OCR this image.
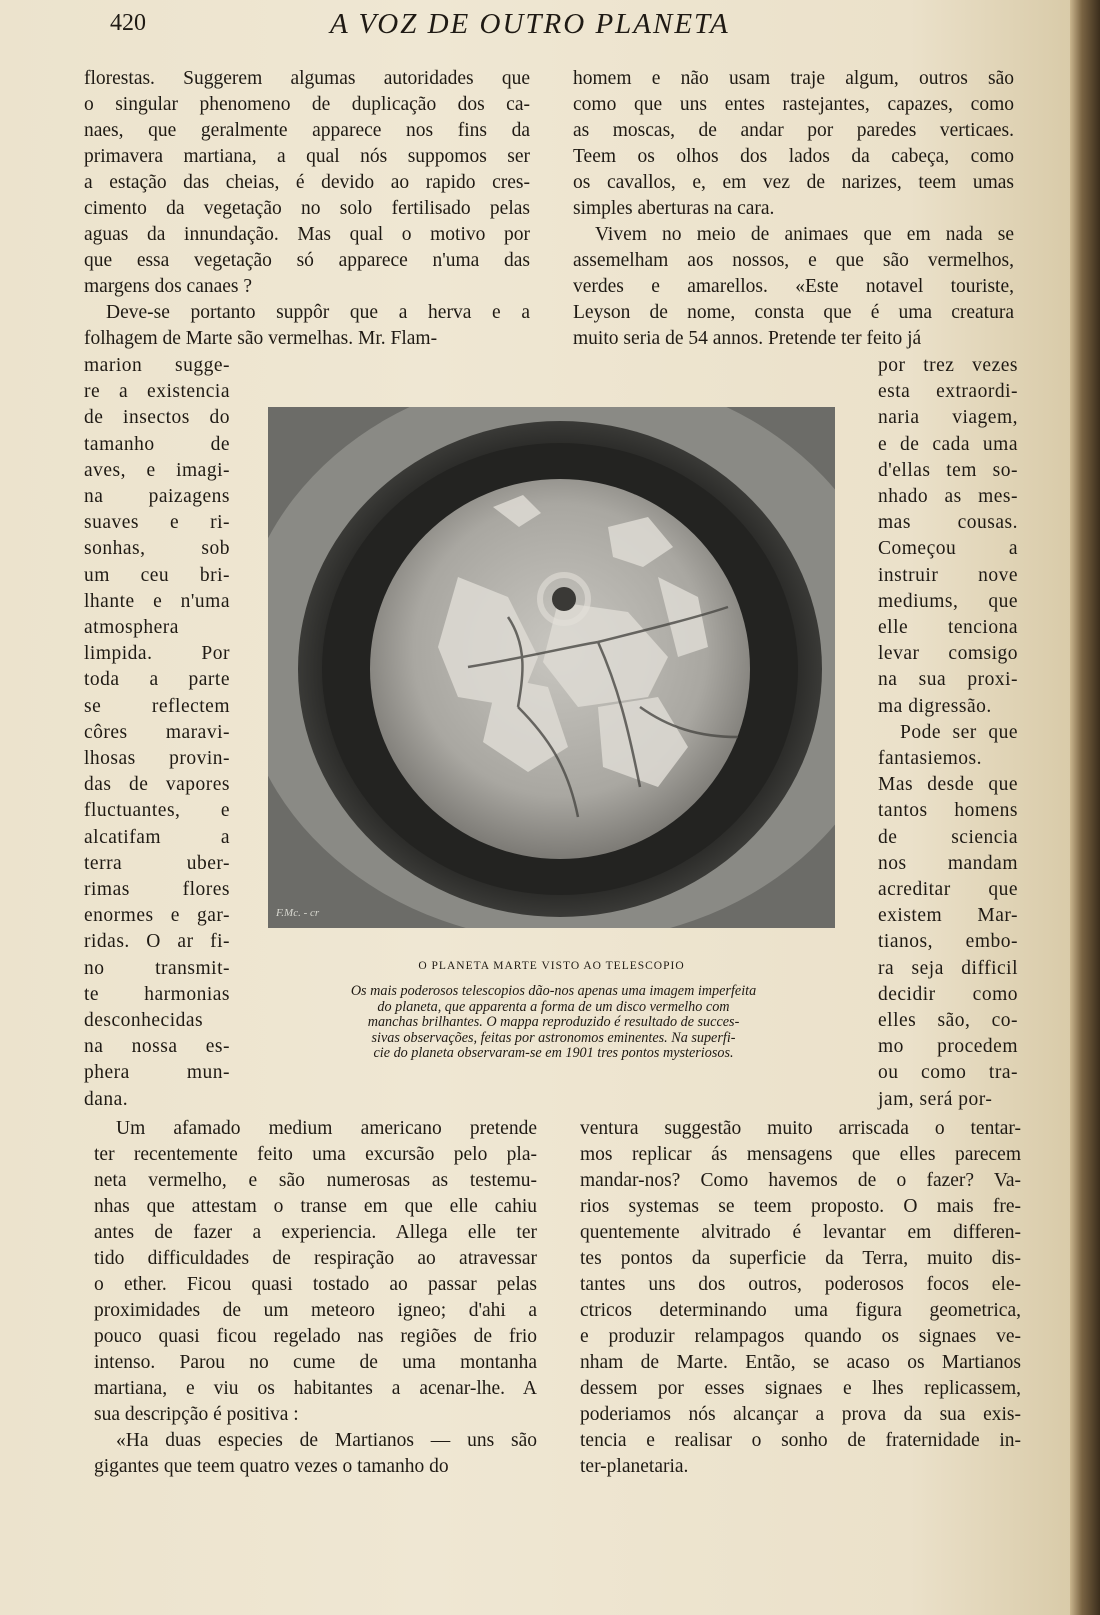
420	A VOZ DE OUTRO PLANETA

florestas. Suggerem algumas autoridades que

o singular phenomeno de duplicação dos ca-

naes, que geralmente apparece nos fins da

primavera martiana, a qual nós suppomos ser

a estação das cheias, é devido ao rapido cres-

cimento da vegetação no solo fertilisado pelas

aguas da innundação. Mas qual o motivo por

que essa vegetação só apparece n'uma das

margens dos canaes ?

Deve-se portanto suppôr que a herva e a

folhagem de Marte são vermelhas. Mr. Flam-

marion sugge-

re a existencia

de insectos do

tamanho de

aves, e imagi-

na paizagens

suaves e ri-

sonhas, sob

um ceu bri-

lhante e n'uma

atmosphera

limpida. Por

toda a parte

se reflectem

côres maravi-

lhosas provin-

das de vapores

fluctuantes, e

alcatifam a

terra uber-

rimas flores

enormes e gar-

ridas. O ar fi-

no transmit-

te harmonias

desconhecidas

na nossa es-

phera mun-

dana.

Um afamado medium americano pretende

ter recentemente feito uma excursão pelo pla-

neta vermelho, e são numerosas as testemu-

nhas que attestam o transe em que elle cahiu

antes de fazer a experiencia. Allega elle ter

tido difficuldades de respiração ao atravessar

o ether. Ficou quasi tostado ao passar pelas

proximidades de um meteoro igneo; d'ahi a

pouco quasi ficou regelado nas regiões de frio

intenso. Parou no cume de uma montanha

martiana, e viu os habitantes a acenar-lhe. A

sua descripção é positiva :

«Ha duas especies de Martianos — uns são

gigantes que teem quatro vezes o tamanho do

homem e não usam traje algum, outros são

como que uns entes rastejantes, capazes, como

as moscas, de andar por paredes verticaes.

Teem os olhos dos lados da cabeça, como

os cavallos, e, em vez de narizes, teem umas

simples aberturas na cara.

Vivem no meio de animaes que em nada se

assemelham aos nossos, e que são vermelhos,

verdes e amarellos. «Este notavel touriste,

Leyson de nome, consta que é uma creatura

muito seria de 54 annos. Pretende ter feito já

por trez vezes

esta extraordi-

naria viagem,

e de cada uma

d'ellas tem so-

nhado as mes-

mas cousas.

Começou a

instruir nove

mediums, que

elle tenciona

levar comsigo

na sua proxi-

ma digressão.

Pode ser que

fantasiemos.

Mas desde que

tantos homens

de sciencia

nos mandam

acreditar que

existem Mar-

tianos, embo-

ra seja difficil

decidir como

elles são, co-

mo procedem

ou como tra-

jam, será por-

ventura suggestão muito arriscada o tentar-

mos replicar ás mensagens que elles parecem

mandar-nos? Como havemos de o fazer? Va-

rios systemas se teem proposto. O mais fre-

quentemente alvitrado é levantar em differen-

tes pontos da superficie da Terra, muito dis-

tantes uns dos outros, poderosos focos ele-

ctricos determinando uma figura geometrica,

e produzir relampagos quando os signaes ve-

nham de Marte. Então, se acaso os Martianos

dessem por esses signaes e lhes replicassem,

poderiamos nós alcançar a prova da sua exis-

tencia e realisar o sonho de fraternidade in-

ter-planetaria.

F.Mc. - cr
O PLANETA MARTE VISTO AO TELESCOPIO
Os mais poderosos telescopios dão-nos apenas uma imagem imperfeita
do planeta, que apparenta a forma de um disco vermelho com
manchas brilhantes. O mappa reproduzido é resultado de succes-
sivas observações, feitas por astronomos eminentes. Na superfi-
cie do planeta observaram-se em 1901 tres pontos mysteriosos.
